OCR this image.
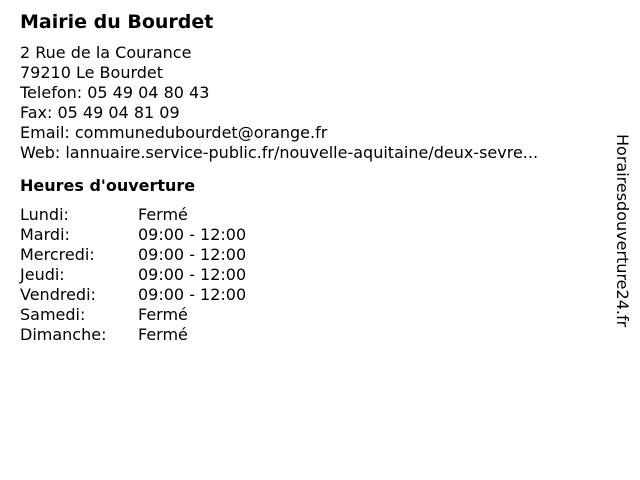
Mairie du Bourdet
2 Rue de la Courance
79210 Le Bourdet
Telefon: 05 49 04 80 43
Fax: 05 49 04 81 09
Email: communedubourdet@orange.fr
Web: lannuaire.service-public.fr/nouvelle-aquitaine/deux-sevre...
Heures d'ouverture
Lundi:	Fermé
Mardi:	09:00 - 12:00
Mercredi:	09:00 - 12:00
Jeudi:	09:00 - 12:00
Vendredi:	09:00 - 12:00
Samedi:	Fermé
Dimanche:	Fermé
Horairesdouverture24.fr
